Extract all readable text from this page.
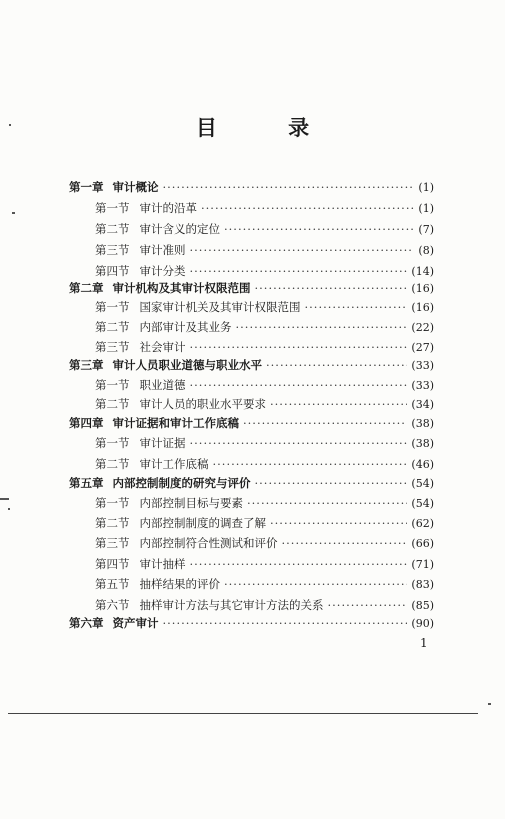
目 录
第一章 审计概论 ·····	(1)
第一节 审计的沿革 ·····	(1)
第二节 审计含义的定位 ·····	(7)
第三节 审计准则 ·····	(8)
第四节 审计分类 ·····	(14)
第二章 审计机构及其审计权限范围 ·····	(16)
第一节 国家审计机关及其审计权限范围 ·····	(16)
第二节 内部审计及其业务 ·····	(22)
第三节 社会审计 ·····	(27)
第三章 审计人员职业道德与职业水平 ·····	(33)
第一节 职业道德 ·····	(33)
第二节 审计人员的职业水平要求 ·····	(34)
第四章 审计证据和审计工作底稿 ·····	(38)
第一节 审计证据 ·····	(38)
第二节 审计工作底稿 ·····	(46)
第五章 内部控制制度的研究与评价 ·····	(54)
第一节 内部控制目标与要素 ·····	(54)
第二节 内部控制制度的调查了解 ·····	(62)
第三节 内部控制符合性测试和评价 ·····	(66)
第四节 审计抽样 ·····	(71)
第五节 抽样结果的评价 ·····	(83)
第六节 抽样审计方法与其它审计方法的关系 ·····	(85)
第六章 资产审计 ·····	(90)
1
